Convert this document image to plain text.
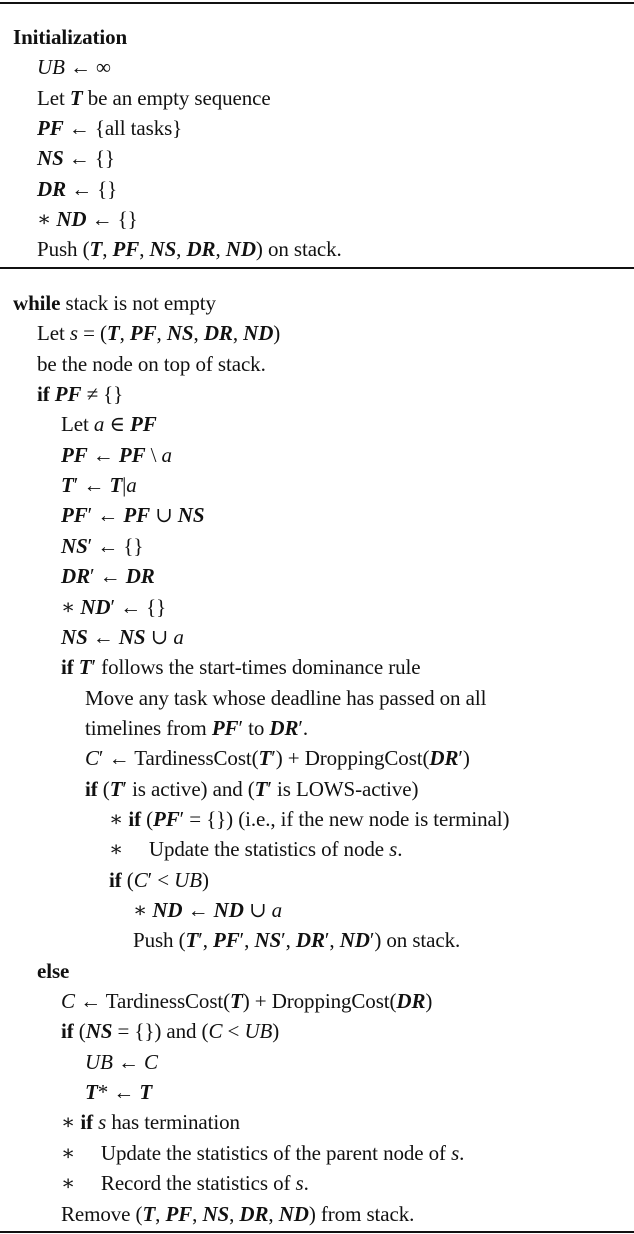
Initialization
UB ← ∞
Let T be an empty sequence
PF ← {all tasks}
NS ← {}
DR ← {}
∗ ND ← {}
Push (T, PF, NS, DR, ND) on stack.
while stack is not empty
Let s = (T, PF, NS, DR, ND)
be the node on top of stack.
if PF ≠ {}
Let a ∈ PF
PF ← PF \ a
T′ ← T|a
PF′ ← PF ∪ NS
NS′ ← {}
DR′ ← DR
∗ ND′ ← {}
NS ← NS ∪ a
if T′ follows the start-times dominance rule
Move any task whose deadline has passed on all
timelines from PF′ to DR′.
C′ ← TardinessCost(T′) + DroppingCost(DR′)
if (T′ is active) and (T′ is LOWS-active)
∗ if (PF′ = {}) (i.e., if the new node is terminal)
∗     Update the statistics of node s.
if (C′ < UB)
∗ ND ← ND ∪ a
Push (T′, PF′, NS′, DR′, ND′) on stack.
else
C ← TardinessCost(T) + DroppingCost(DR)
if (NS = {}) and (C < UB)
UB ← C
T* ← T
∗ if s has termination
∗     Update the statistics of the parent node of s.
∗     Record the statistics of s.
Remove (T, PF, NS, DR, ND) from stack.
